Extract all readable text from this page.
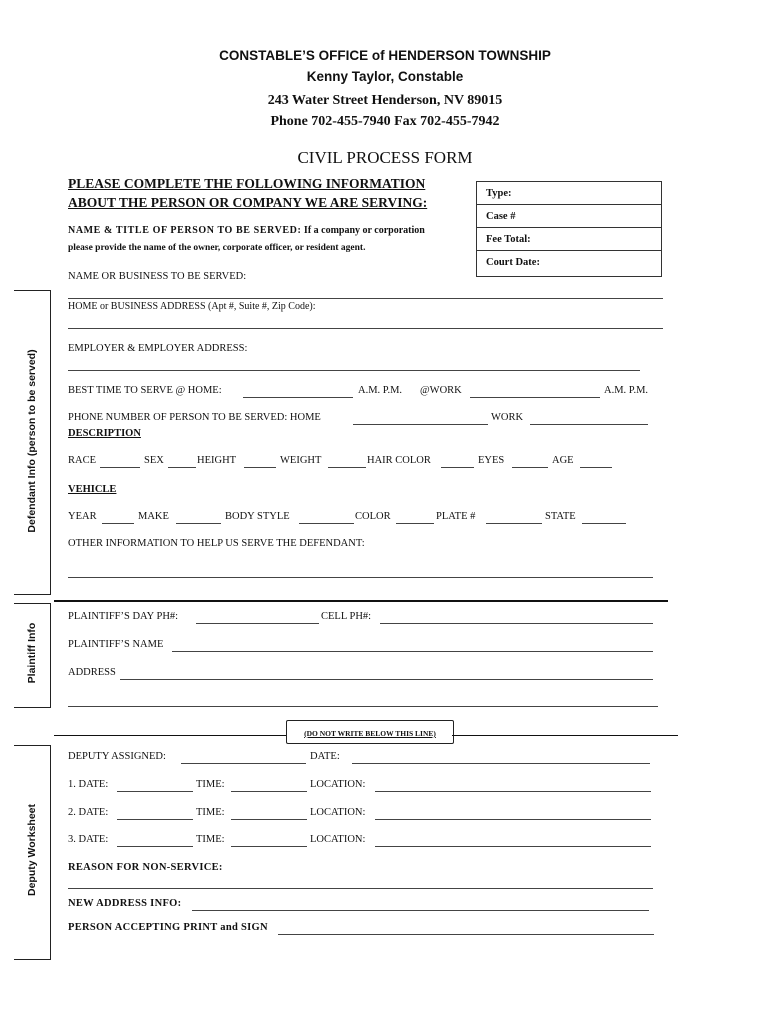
CONSTABLE’S OFFICE of HENDERSON TOWNSHIP
Kenny Taylor, Constable
243 Water Street Henderson, NV 89015
Phone 702-455-7940 Fax 702-455-7942
CIVIL PROCESS FORM
PLEASE COMPLETE THE FOLLOWING INFORMATION
ABOUT THE PERSON OR COMPANY WE ARE SERVING:
NAME & TITLE OF PERSON TO BE SERVED: If a company or corporation
please provide the name of the owner, corporate officer, or resident agent.
Type:
Case #
Fee Total:
Court Date:
Defendant Info (person to be served)
Plaintiff Info
Deputy Worksheet
NAME OR BUSINESS TO BE SERVED:
HOME or BUSINESS ADDRESS (Apt #, Suite #, Zip Code):
EMPLOYER & EMPLOYER ADDRESS:
BEST TIME TO SERVE @ HOME:	A.M. P.M. @WORK	A.M. P.M.
PHONE NUMBER OF PERSON TO BE SERVED: HOME	WORK
DESCRIPTION
RACE	SEX	HEIGHT	WEIGHT	HAIR COLOR	EYES	AGE
VEHICLE
YEAR	MAKE	BODY STYLE	COLOR	PLATE #	STATE
OTHER INFORMATION TO HELP US SERVE THE DEFENDANT:
PLAINTIFF’S DAY PH#:	CELL PH#:
PLAINTIFF’S NAME
ADDRESS
(DO NOT WRITE BELOW THIS LINE)
DEPUTY ASSIGNED:	DATE:
1. DATE:	TIME:	LOCATION:
2. DATE:	TIME:	LOCATION:
3. DATE:	TIME:	LOCATION:
REASON FOR NON-SERVICE:
NEW ADDRESS INFO:
PERSON ACCEPTING PRINT and SIGN
